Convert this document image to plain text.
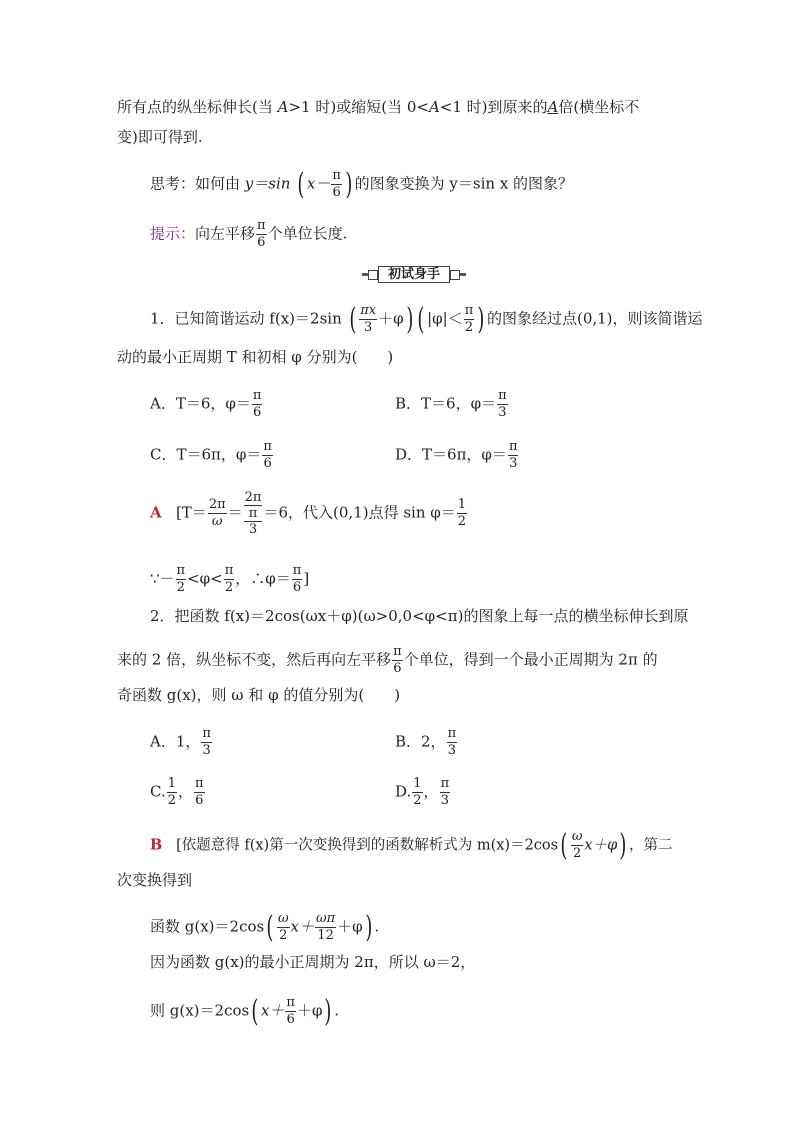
所有点的纵坐标伸长(当 A>1 时)或缩短(当 0<A<1 时)到原来的A倍(横坐标不
变)即可得到.
思考：如何由 y＝sin ( $x- \frac{\pi}{6}$ ) 的图象变换为 y＝sin x 的图象？
提示：向左平移 $\frac{\pi}{6}$ 个单位长度.
初试身手
1．已知简谐运动 f(x)＝2sin ( $\frac{\pi x}{3} +\varphi$) ( $|\varphi|< \frac{\pi}{2}$ ) 的图象经过点(0,1)，则该简谐运
动的最小正周期 T 和初相 φ 分别为(　　)
A．T＝6，$\varphi= \frac{\pi}{6}$	B．T＝6，$\varphi= \frac{\pi}{3}$
C．T＝6π，$\varphi= \frac{\pi}{6}$	D．T＝6π，$\varphi= \frac{\pi}{3}$
A [$T= \frac{2\pi}{\omega}$ ＝
2π
π
3
＝6，代入(0,1)点得 $\sin \varphi= \frac{1}{2}$
∵－ $\frac{\pi}{2} <\varphi< \frac{\pi}{2}$ ，∴φ＝ $\frac{\pi}{6}$ ]
2．把函数 f(x)＝2cos(ωx＋φ)(ω>0,0<φ<π)的图象上每一点的横坐标伸长到原
来的 2 倍，纵坐标不变，然后再向左平移 $\frac{\pi}{6}$ 个单位，得到一个最小正周期为 2π 的
奇函数 g(x)，则 ω 和 φ 的值分别为(　　)
A．1， $\frac{\pi}{3}$	B．2， $\frac{\pi}{3}$
C. $\frac{1}{2}$ ， $\frac{\pi}{6}$	D. $\frac{1}{2}$ ， $\frac{\pi}{3}$
B [依题意得 f(x)第一次变换得到的函数解析式为 $m(x)=2\cos( \frac{\omega}{2} x+\varphi)$ ，第二
次变换得到
函数 $g(x)=2\cos( \frac{\omega}{2} x+ \frac{\omega\pi}{12} +\varphi)$ .
因为函数 g(x)的最小正周期为 2π，所以 ω＝2，
则 g(x)＝2cos( $x+ \frac{\pi}{6} +\varphi$) .
